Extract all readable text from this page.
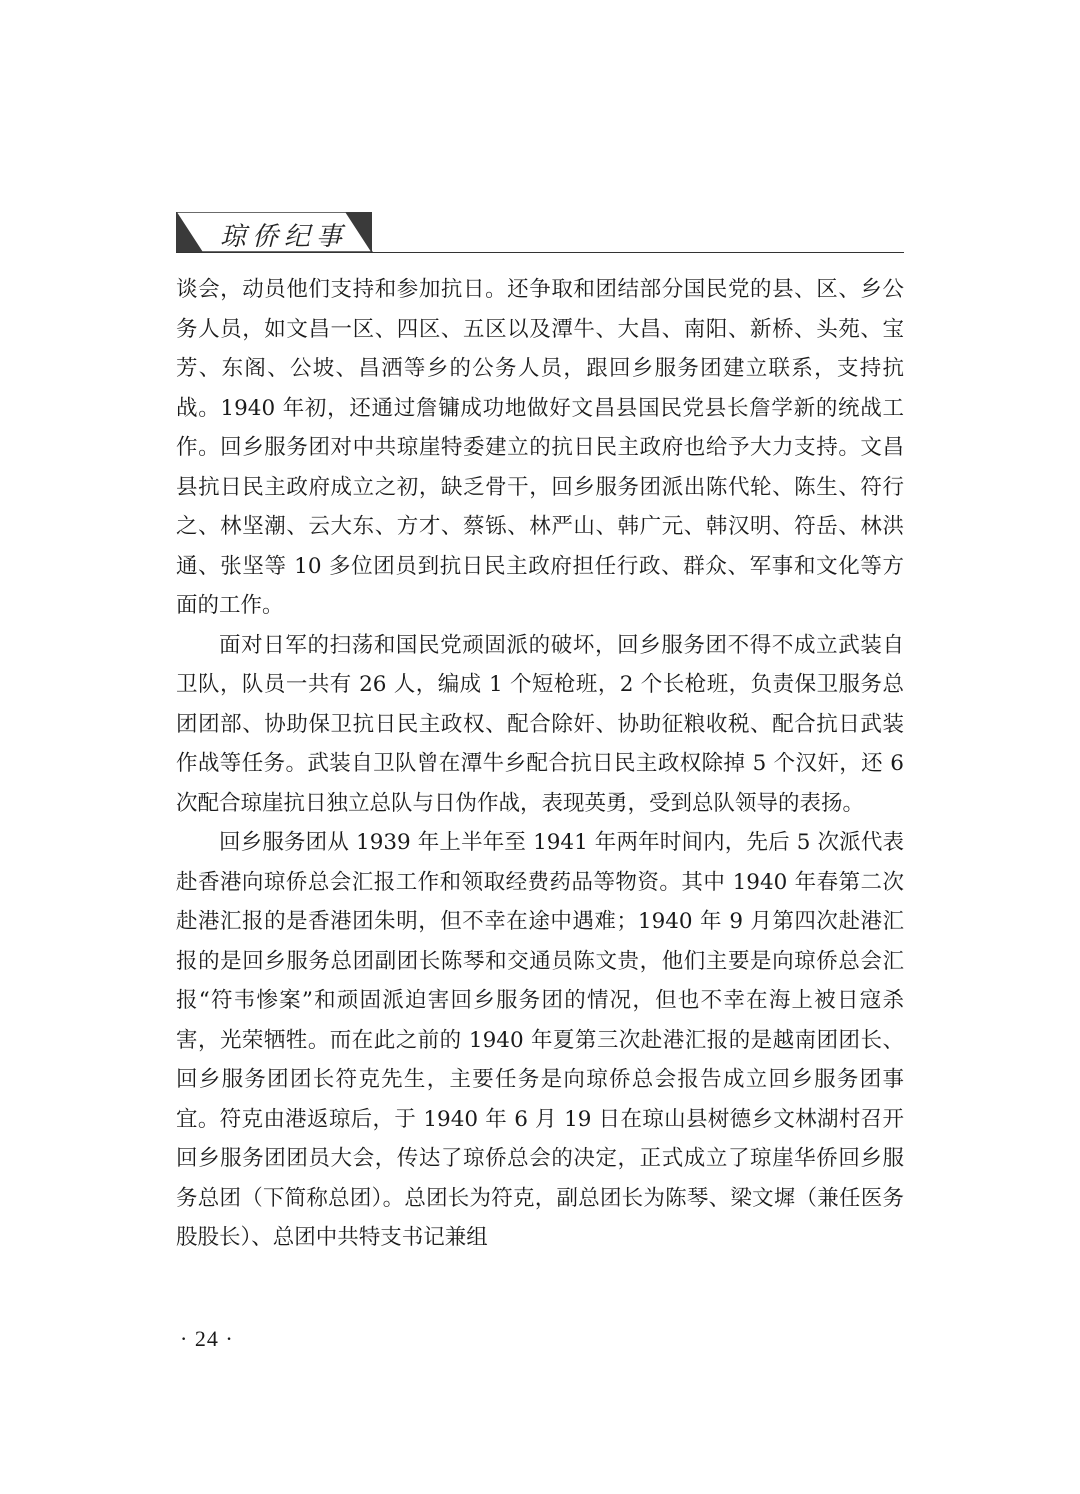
琼侨纪事

谈会，动员他们支持和参加抗日。还争取和团结部分国民党的县、区、乡公务人员，如文昌一区、四区、五区以及潭牛、大昌、南阳、新桥、头苑、宝芳、东阁、公坡、昌洒等乡的公务人员，跟回乡服务团建立联系，支持抗战。1940 年初，还通过詹镛成功地做好文昌县国民党县长詹学新的统战工作。回乡服务团对中共琼崖特委建立的抗日民主政府也给予大力支持。文昌县抗日民主政府成立之初，缺乏骨干，回乡服务团派出陈代轮、陈生、符行之、林坚潮、云大东、方才、蔡铄、林严山、韩广元、韩汉明、符岳、林洪通、张坚等 10 多位团员到抗日民主政府担任行政、群众、军事和文化等方面的工作。

面对日军的扫荡和国民党顽固派的破坏，回乡服务团不得不成立武装自卫队，队员一共有 26 人，编成 1 个短枪班，2 个长枪班，负责保卫服务总团团部、协助保卫抗日民主政权、配合除奸、协助征粮收税、配合抗日武装作战等任务。武装自卫队曾在潭牛乡配合抗日民主政权除掉 5 个汉奸，还 6 次配合琼崖抗日独立总队与日伪作战，表现英勇，受到总队领导的表扬。

回乡服务团从 1939 年上半年至 1941 年两年时间内，先后 5 次派代表赴香港向琼侨总会汇报工作和领取经费药品等物资。其中 1940 年春第二次赴港汇报的是香港团朱明，但不幸在途中遇难；1940 年 9 月第四次赴港汇报的是回乡服务总团副团长陈琴和交通员陈文贵，他们主要是向琼侨总会汇报“符韦惨案”和顽固派迫害回乡服务团的情况，但也不幸在海上被日寇杀害，光荣牺牲。而在此之前的 1940 年夏第三次赴港汇报的是越南团团长、回乡服务团团长符克先生，主要任务是向琼侨总会报告成立回乡服务团事宜。符克由港返琼后，于 1940 年 6 月 19 日在琼山县树德乡文林湖村召开回乡服务团团员大会，传达了琼侨总会的决定，正式成立了琼崖华侨回乡服务总团（下简称总团）。总团长为符克，副总团长为陈琴、梁文墀（兼任医务股股长）、总团中共特支书记兼组

· 24 ·
